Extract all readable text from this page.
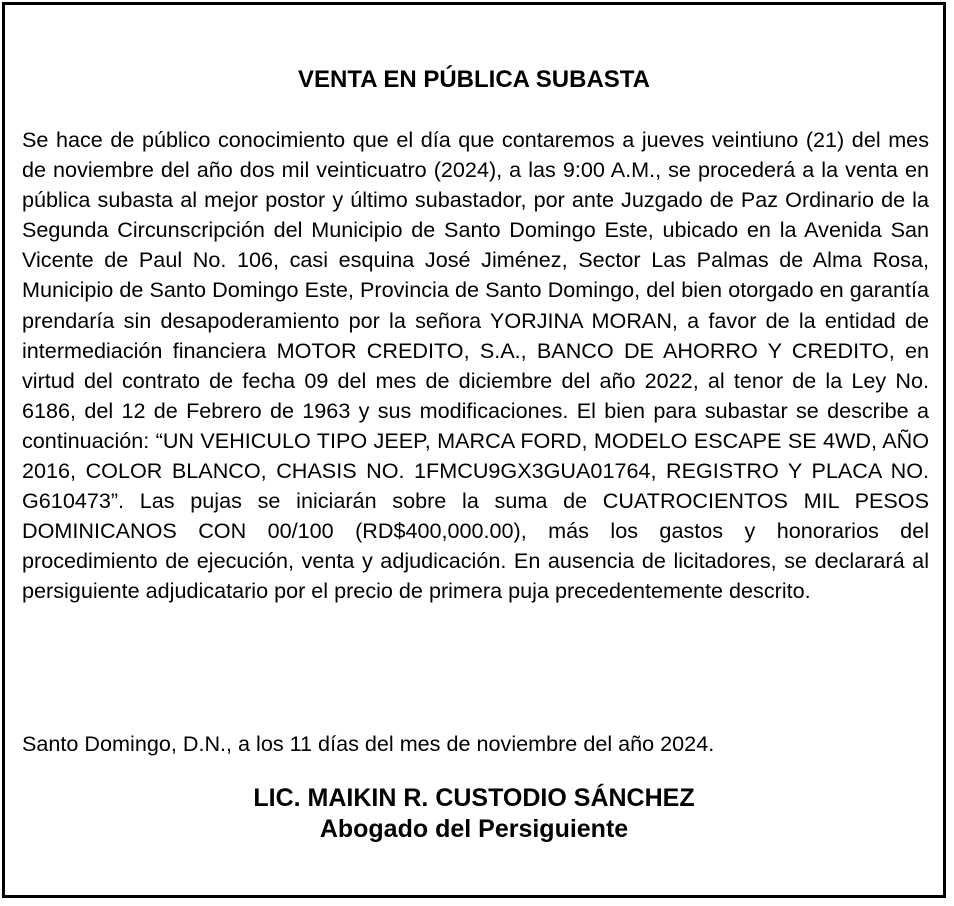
VENTA EN PÚBLICA SUBASTA
Se hace de público conocimiento que el día que contaremos a jueves veintiuno (21) del mes de noviembre del año dos mil veinticuatro (2024), a las 9:00 A.M., se procederá a la venta en pública subasta al mejor postor y último subastador, por ante Juzgado de Paz Ordinario de la Segunda Circunscripción del Municipio de Santo Domingo Este, ubicado en la Avenida San Vicente de Paul No. 106, casi esquina José Jiménez, Sector Las Palmas de Alma Rosa, Municipio de Santo Domingo Este, Provincia de Santo Domingo, del bien otorgado en garantía prendaría sin desapoderamiento por la señora YORJINA MORAN, a favor de la entidad de intermediación financiera MOTOR CREDITO, S.A., BANCO DE AHORRO Y CREDITO, en virtud del contrato de fecha 09 del mes de diciembre del año 2022, al tenor de la Ley No. 6186, del 12 de Febrero de 1963 y sus modificaciones. El bien para subastar se describe a continuación: “UN VEHICULO TIPO JEEP, MARCA FORD, MODELO ESCAPE SE 4WD, AÑO 2016, COLOR BLANCO, CHASIS NO. 1FMCU9GX3GUA01764, REGISTRO Y PLACA NO. G610473”. Las pujas se iniciarán sobre la suma de CUATROCIENTOS MIL PESOS DOMINICANOS CON 00/100 (RD$400,000.00), más los gastos y honorarios del procedimiento de ejecución, venta y adjudicación. En ausencia de licitadores, se declarará al persiguiente adjudicatario por el precio de primera puja precedentemente descrito.
Santo Domingo, D.N., a los 11 días del mes de noviembre del año 2024.
LIC. MAIKIN R. CUSTODIO SÁNCHEZ
Abogado del Persiguiente
